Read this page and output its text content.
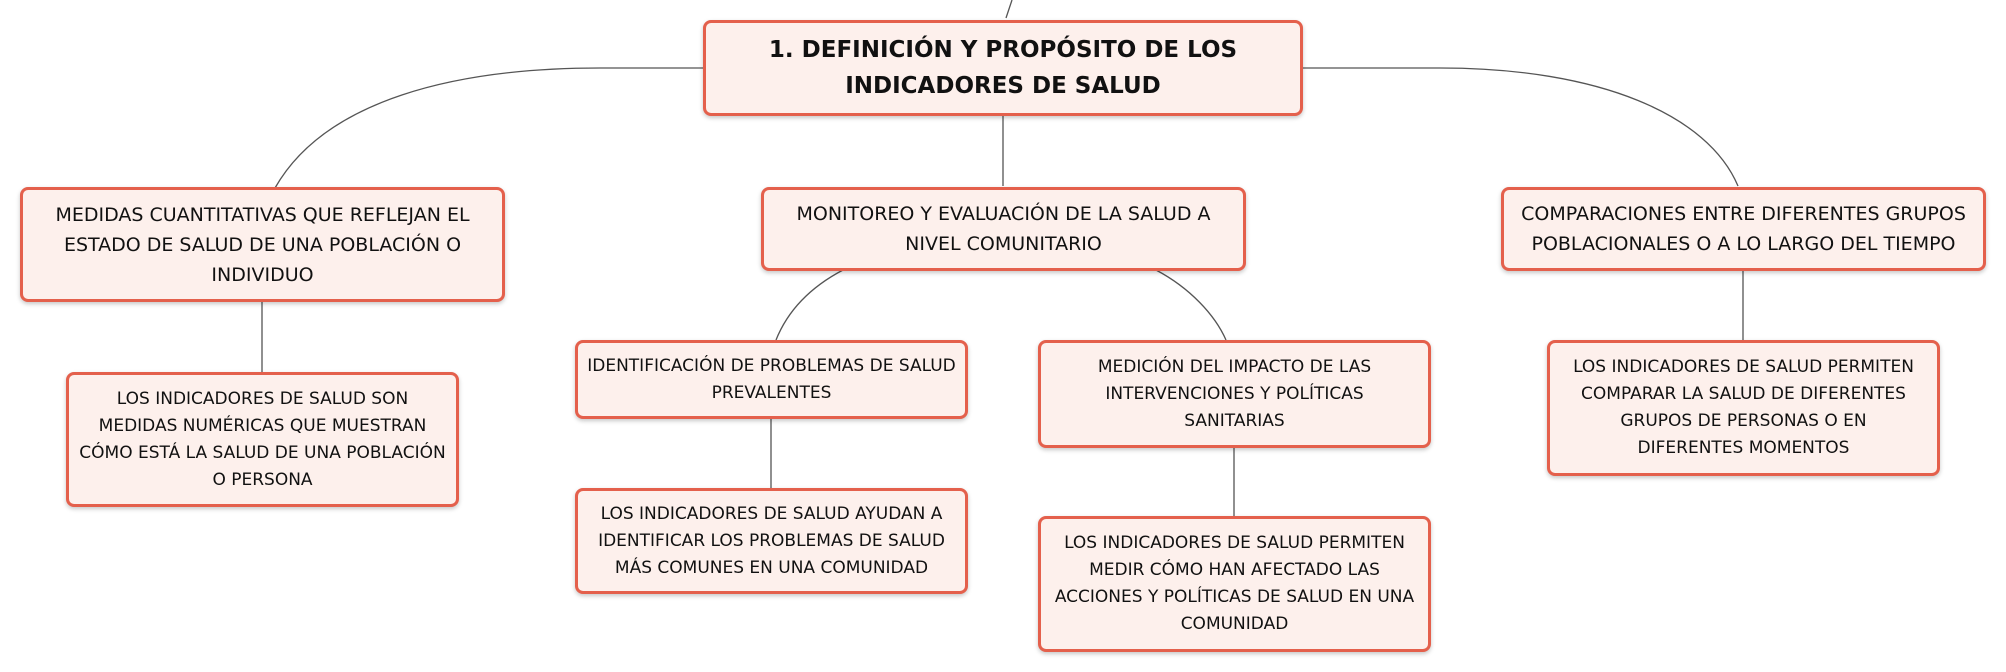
1. DEFINICIÓN Y PROPÓSITO DE LOS INDICADORES DE SALUD
MEDIDAS CUANTITATIVAS QUE REFLEJAN EL ESTADO DE SALUD DE UNA POBLACIÓN O INDIVIDUO
MONITOREO Y EVALUACIÓN DE LA SALUD A NIVEL COMUNITARIO
COMPARACIONES ENTRE DIFERENTES GRUPOS POBLACIONALES O A LO LARGO DEL TIEMPO
LOS INDICADORES DE SALUD SON MEDIDAS NUMÉRICAS QUE MUESTRAN CÓMO ESTÁ LA SALUD DE UNA POBLACIÓN O PERSONA
IDENTIFICACIÓN DE PROBLEMAS DE SALUD PREVALENTES
LOS INDICADORES DE SALUD AYUDAN A IDENTIFICAR LOS PROBLEMAS DE SALUD MÁS COMUNES EN UNA COMUNIDAD
MEDICIÓN DEL IMPACTO DE LAS INTERVENCIONES Y POLÍTICAS SANITARIAS
LOS INDICADORES DE SALUD PERMITEN MEDIR CÓMO HAN AFECTADO LAS ACCIONES Y POLÍTICAS DE SALUD EN UNA COMUNIDAD
LOS INDICADORES DE SALUD PERMITEN COMPARAR LA SALUD DE DIFERENTES GRUPOS DE PERSONAS O EN DIFERENTES MOMENTOS
